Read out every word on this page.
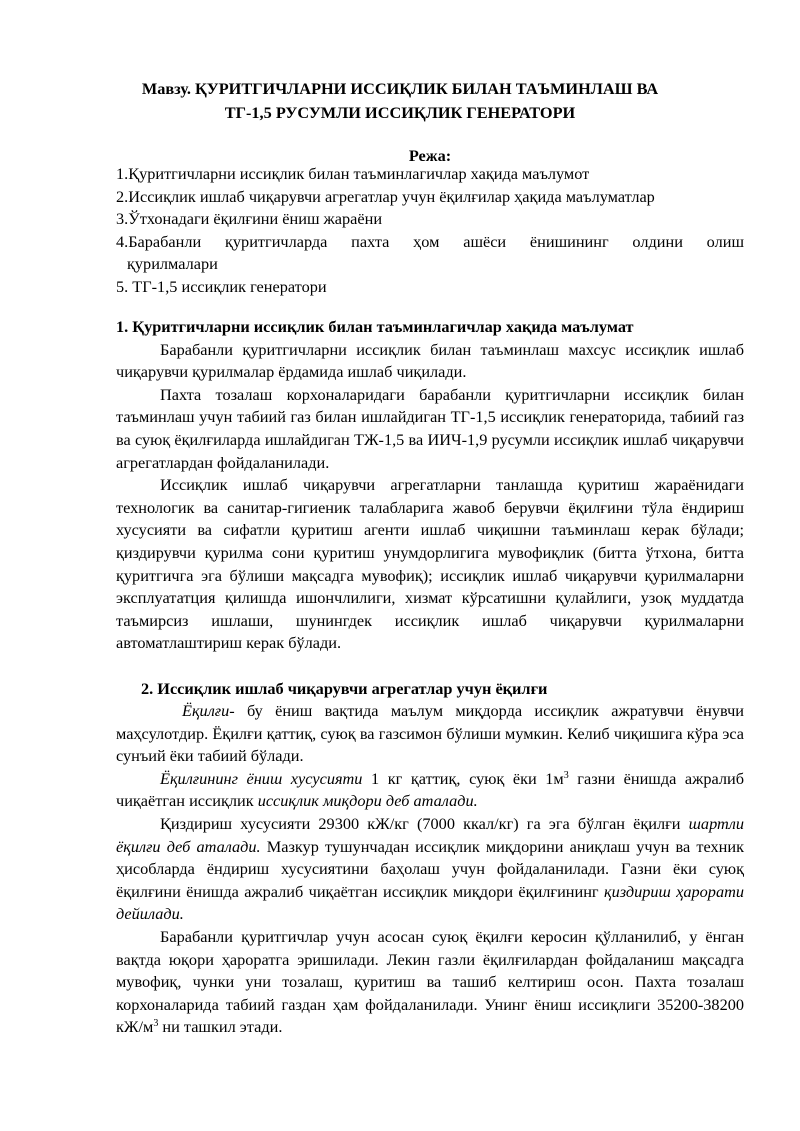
Мавзу. ҚУРИТГИЧЛАРНИ ИССИҚЛИК БИЛАН ТАЪМИНЛАШ ВА
ТГ-1,5 РУСУМЛИ ИССИҚЛИК ГЕНЕРАТОРИ
Режа:
1.Қуритгичларни иссиқлик билан таъминлагичлар хақида маълумот
2.Иссиқлик ишлаб чиқарувчи агрегатлар учун ёқилғилар ҳақида маълуматлар
3.Ўтхонадаги ёқилғини ёниш жараёни
4.Барабанли қуритгичларда пахта ҳом ашёси ёнишининг олдини олиш
қурилмалари
5. ТГ-1,5 иссиқлик генератори
1. Қуритгичларни иссиқлик билан таъминлагичлар хақида маълумат
Барабанли қуритгичларни иссиқлик билан таъминлаш махсус иссиқлик ишлаб чиқарувчи қурилмалар ёрдамида ишлаб чиқилади.
Пахта тозалаш корхоналаридаги барабанли қуритгичларни иссиқлик билан таъминлаш учун табиий газ билан ишлайдиган ТГ-1,5 иссиқлик генераторида, табиий газ ва суюқ ёқилғиларда ишлайдиган ТЖ-1,5 ва ИИЧ-1,9 русумли иссиқлик ишлаб чиқарувчи агрегатлардан фойдаланилади.
Иссиқлик ишлаб чиқарувчи агрегатларни танлашда қуритиш жараёнидаги технологик ва санитар-гигиеник талабларига жавоб берувчи ёқилғини тўла ёндириш хусусияти ва сифатли қуритиш агенти ишлаб чиқишни таъминлаш керак бўлади; қиздирувчи қурилма сони қуритиш унумдорлигига мувофиқлик (битта ўтхона, битта қуритгичга эга бўлиши мақсадга мувофиқ); иссиқлик ишлаб чиқарувчи қурилмаларни эксплуататция қилишда ишончлилиги, хизмат кўрсатишни қулайлиги, узоқ муддатда таъмирсиз ишлаши, шунингдек иссиқлик ишлаб чиқарувчи қурилмаларни автоматлаштириш керак бўлади.
2. Иссиқлик ишлаб чиқарувчи агрегатлар учун ёқилғи
Ёқилғи- бу ёниш вақтида маълум миқдорда иссиқлик ажратувчи ёнувчи маҳсулотдир. Ёқилғи қаттиқ, суюқ ва газсимон бўлиши мумкин. Келиб чиқишига кўра эса сунъий ёки табиий бўлади.
Ёқилғининг ёниш хусусияти 1 кг қаттиқ, суюқ ёки $1м^3$ газни ёнишда ажралиб чиқаётган иссиқлик иссиқлик миқдори деб аталади.
Қиздириш хусусияти 29300 кЖ/кг (7000 ккал/кг) га эга бўлган ёқилғи шартли ёқилғи деб аталади. Мазкур тушунчадан иссиқлик миқдорини аниқлаш учун ва техник ҳисобларда ёндириш хусусиятини баҳолаш учун фойдаланилади. Газни ёки суюқ ёқилғини ёнишда ажралиб чиқаётган иссиқлик миқдори ёқилғининг қиздириш ҳарорати дейилади.
Барабанли қуритгичлар учун асосан суюқ ёқилғи керосин қўлланилиб, у ёнган вақтда юқори ҳароратга эришилади. Лекин газли ёқилғилардан фойдаланиш мақсадга мувофиқ, чунки уни тозалаш, қуритиш ва ташиб келтириш осон. Пахта тозалаш корхоналарида табиий газдан ҳам фойдаланилади. Унинг ёниш иссиқлиги 35200-38200 $кЖ/м^3$ ни ташкил этади.
